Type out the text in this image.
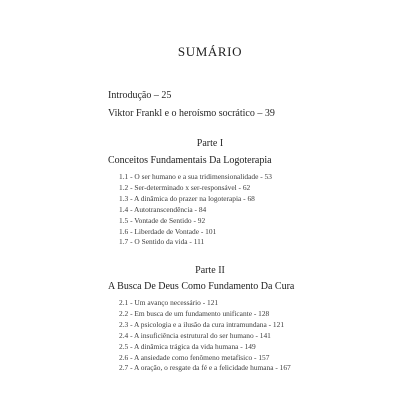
SUMÁRIO
Introdução – 25
Viktor Frankl e o heroísmo socrático – 39
Parte I
Conceitos Fundamentais Da Logoterapia
1.1 - O ser humano e a sua tridimensionalidade - 53
1.2 - Ser-determinado x ser-responsável - 62
1.3 - A dinâmica do prazer na logoterapia - 68
1.4 - Autotranscendência - 84
1.5 - Vontade de Sentido - 92
1.6 - Liberdade de Vontade - 101
1.7 - O Sentido da vida - 111
Parte II
A Busca De Deus Como Fundamento Da Cura
2.1 - Um avanço necessário - 121
2.2 - Em busca de um fundamento unificante - 128
2.3 - A psicologia e a ilusão da cura intramundana - 121
2.4 - A insuficiência estrutural do ser humano - 141
2.5 - A dinâmica trágica da vida humana - 149
2.6 - A ansiedade como fenômeno metafísico - 157
2.7 - A oração, o resgate da fé e a felicidade humana - 167
